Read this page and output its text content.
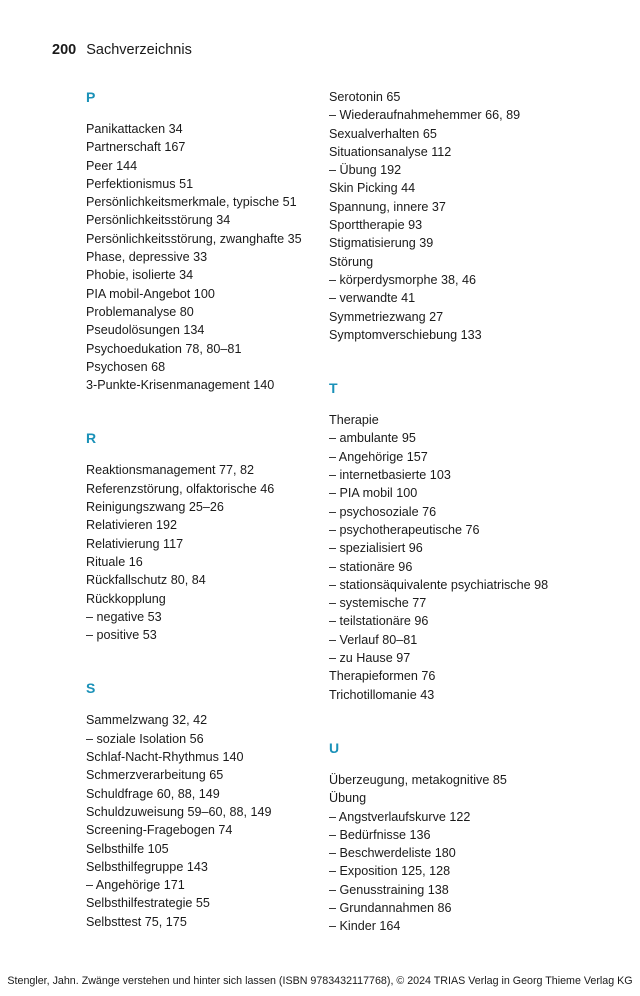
200 Sachverzeichnis
P
Panikattacken 34
Partnerschaft 167
Peer 144
Perfektionismus 51
Persönlichkeitsmerkmale, typische 51
Persönlichkeitsstörung 34
Persönlichkeitsstörung, zwanghafte 35
Phase, depressive 33
Phobie, isolierte 34
PIA mobil-Angebot 100
Problemanalyse 80
Pseudolösungen 134
Psychoedukation 78, 80–81
Psychosen 68
3-Punkte-Krisenmanagement 140
R
Reaktionsmanagement 77, 82
Referenzstörung, olfaktorische 46
Reinigungszwang 25–26
Relativieren 192
Relativierung 117
Rituale 16
Rückfallschutz 80, 84
Rückkopplung
– negative 53
– positive 53
S
Sammelzwang 32, 42
– soziale Isolation 56
Schlaf-Nacht-Rhythmus 140
Schmerzverarbeitung 65
Schuldfrage 60, 88, 149
Schuldzuweisung 59–60, 88, 149
Screening-Fragebogen 74
Selbsthilfe 105
Selbsthilfegruppe 143
– Angehörige 171
Selbsthilfestrategie 55
Selbsttest 75, 175
Serotonin 65
– Wiederaufnahmehemmer 66, 89
Sexualverhalten 65
Situationsanalyse 112
– Übung 192
Skin Picking 44
Spannung, innere 37
Sporttherapie 93
Stigmatisierung 39
Störung
– körperdysmorphe 38, 46
– verwandte 41
Symmetriezwang 27
Symptomverschiebung 133
T
Therapie
– ambulante 95
– Angehörige 157
– internetbasierte 103
– PIA mobil 100
– psychosoziale 76
– psychotherapeutische 76
– spezialisiert 96
– stationäre 96
– stationsäquivalente psychiatrische 98
– systemische 77
– teilstationäre 96
– Verlauf 80–81
– zu Hause 97
Therapieformen 76
Trichotillomanie 43
U
Überzeugung, metakognitive 85
Übung
– Angstverlaufskurve 122
– Bedürfnisse 136
– Beschwerdeliste 180
– Exposition 125, 128
– Genusstraining 138
– Grundannahmen 86
– Kinder 164
Stengler, Jahn. Zwänge verstehen und hinter sich lassen (ISBN 9783432117768), © 2024 TRIAS Verlag in Georg Thieme Verlag KG
